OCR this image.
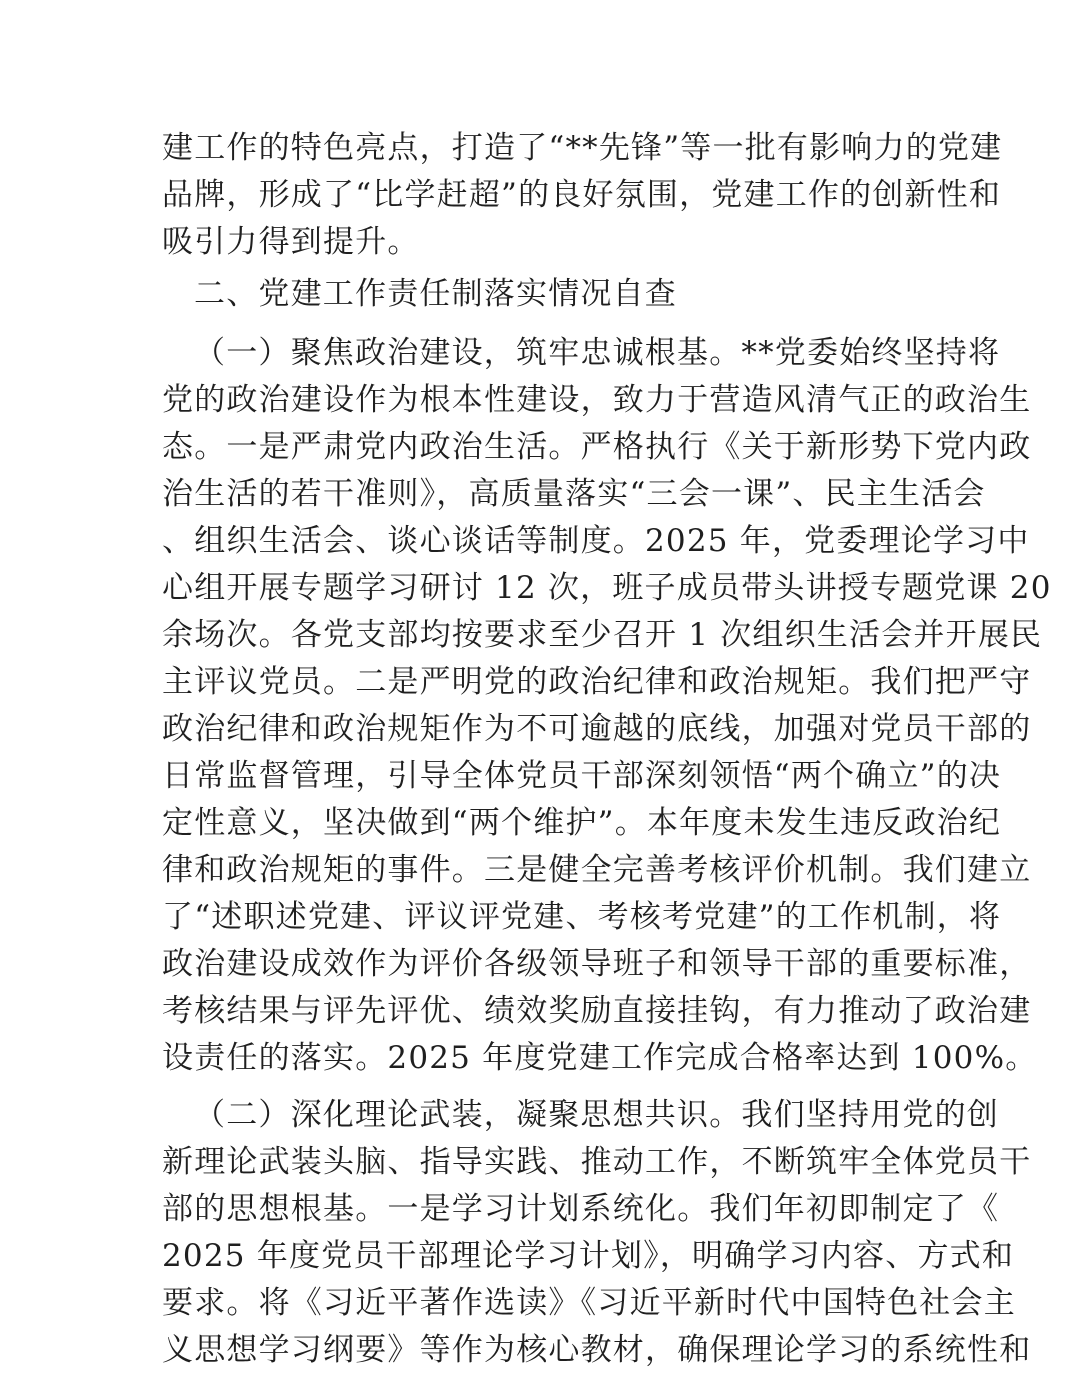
建工作的特色亮点，打造了“**先锋”等一批有影响力的党建
品牌，形成了“比学赶超”的良好氛围，党建工作的创新性和
吸引力得到提升。
二、党建工作责任制落实情况自查
（一）聚焦政治建设，筑牢忠诚根基。**党委始终坚持将
党的政治建设作为根本性建设，致力于营造风清气正的政治生
态。一是严肃党内政治生活。严格执行《关于新形势下党内政
治生活的若干准则》，高质量落实“三会一课”、民主生活会
、组织生活会、谈心谈话等制度。2025 年，党委理论学习中
心组开展专题学习研讨 12 次，班子成员带头讲授专题党课 20
余场次。各党支部均按要求至少召开 1 次组织生活会并开展民
主评议党员。二是严明党的政治纪律和政治规矩。我们把严守
政治纪律和政治规矩作为不可逾越的底线，加强对党员干部的
日常监督管理，引导全体党员干部深刻领悟“两个确立”的决
定性意义，坚决做到“两个维护”。本年度未发生违反政治纪
律和政治规矩的事件。三是健全完善考核评价机制。我们建立
了“述职述党建、评议评党建、考核考党建”的工作机制，将
政治建设成效作为评价各级领导班子和领导干部的重要标准，
考核结果与评先评优、绩效奖励直接挂钩，有力推动了政治建
设责任的落实。2025 年度党建工作完成合格率达到 100%。
（二）深化理论武装，凝聚思想共识。我们坚持用党的创
新理论武装头脑、指导实践、推动工作，不断筑牢全体党员干
部的思想根基。一是学习计划系统化。我们年初即制定了《
2025 年度党员干部理论学习计划》，明确学习内容、方式和
要求。将《习近平著作选读》《习近平新时代中国特色社会主
义思想学习纲要》等作为核心教材，确保理论学习的系统性和
